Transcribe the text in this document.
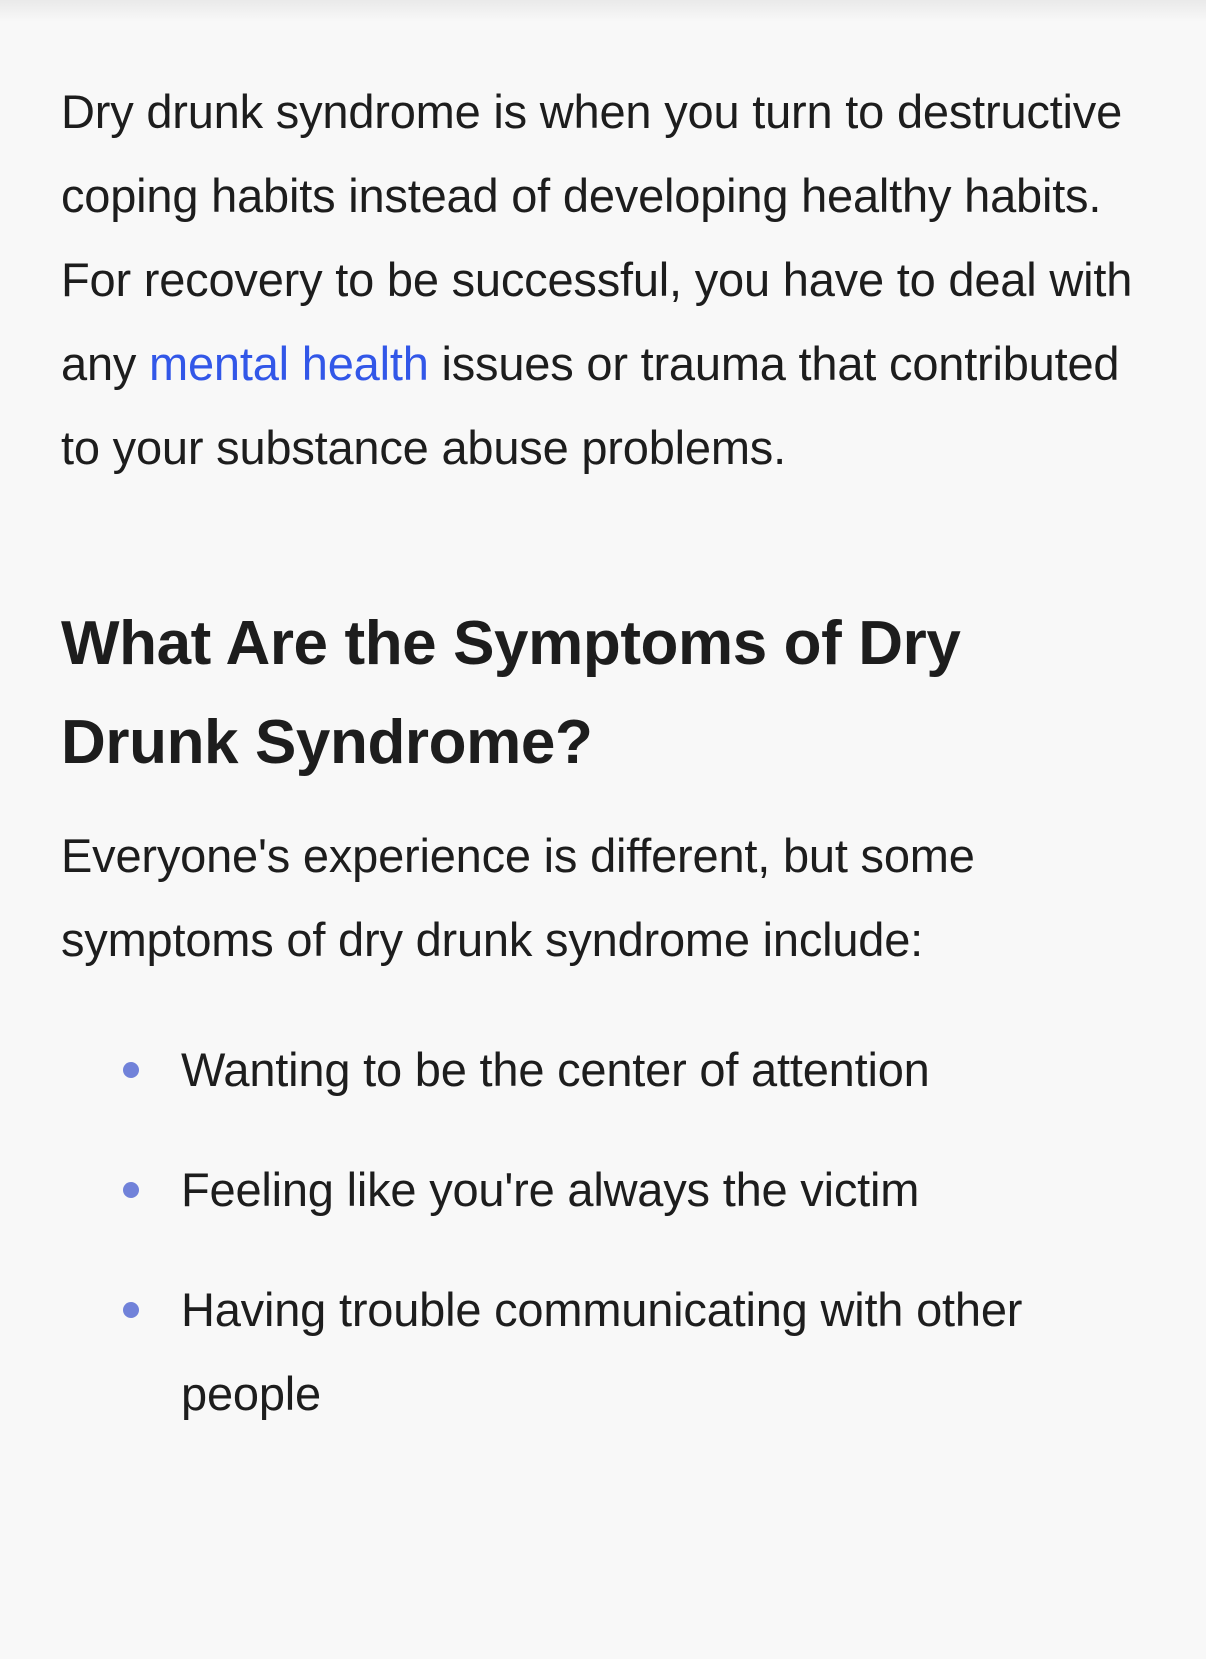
Dry drunk syndrome is when you turn to destructive coping habits instead of developing healthy habits. For recovery to be successful, you have to deal with any mental health issues or trauma that contributed to your substance abuse problems.

What Are the Symptoms of Dry Drunk Syndrome?

Everyone's experience is different, but some symptoms of dry drunk syndrome include:

Wanting to be the center of attention
Feeling like you're always the victim
Having trouble communicating with other people
